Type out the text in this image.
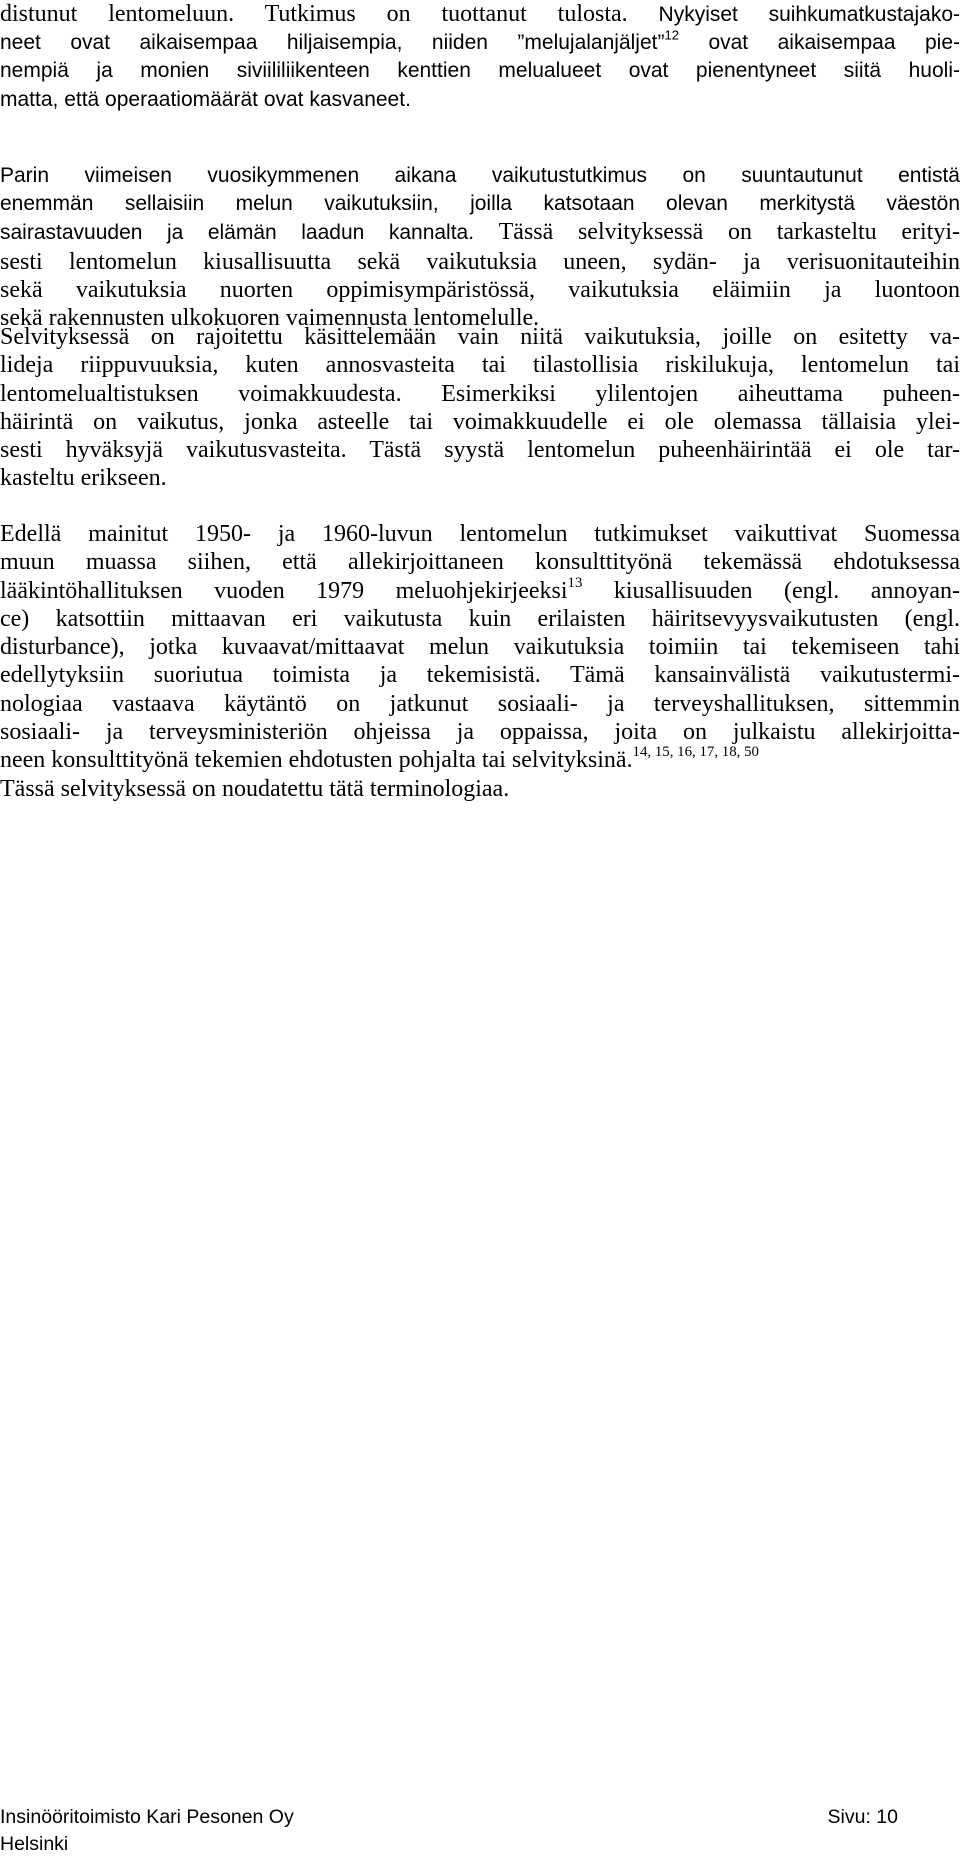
distunut lentomeluun. Tutkimus on tuottanut tulosta. Nykyiset suihkumatkustajako-
neet ovat aikaisempaa hiljaisempia, niiden ”melujalanjäljet”$^{12}$ ovat aikaisempaa pie-
nempiä ja monien siviililiikenteen kenttien melualueet ovat pienentyneet siitä huoli-
matta, että operaatiomäärät ovat kasvaneet.
Parin viimeisen vuosikymmenen aikana vaikutustutkimus on suuntautunut entistä
enemmän sellaisiin melun vaikutuksiin, joilla katsotaan olevan merkitystä väestön
sairastavuuden ja elämän laadun kannalta. Tässä selvityksessä on tarkasteltu erityi-
sesti lentomelun kiusallisuutta sekä vaikutuksia uneen, sydän- ja verisuonitauteihin
sekä vaikutuksia nuorten oppimisympäristössä, vaikutuksia eläimiin ja luontoon
sekä rakennusten ulkokuoren vaimennusta lentomelulle.
Selvityksessä on rajoitettu käsittelemään vain niitä vaikutuksia, joille on esitetty va-
lideja riippuvuuksia, kuten annosvasteita tai tilastollisia riskilukuja, lentomelun tai
lentomelualtistuksen voimakkuudesta. Esimerkiksi ylilentojen aiheuttama puheen-
häirintä on vaikutus, jonka asteelle tai voimakkuudelle ei ole olemassa tällaisia ylei-
sesti hyväksyjä vaikutusvasteita. Tästä syystä lentomelun puheenhäirintää ei ole tar-
kasteltu erikseen.
Edellä mainitut 1950- ja 1960-luvun lentomelun tutkimukset vaikuttivat Suomessa
muun muassa siihen, että allekirjoittaneen konsulttityönä tekemässä ehdotuksessa
lääkintöhallituksen vuoden 1979 meluohjekirjeeksi$^{13}$ kiusallisuuden (engl. annoyan-
ce) katsottiin mittaavan eri vaikutusta kuin erilaisten häiritsevyysvaikutusten (engl.
disturbance), jotka kuvaavat/mittaavat melun vaikutuksia toimiin tai tekemiseen tahi
edellytyksiin suoriutua toimista ja tekemisistä. Tämä kansainvälistä vaikutustermi-
nologiaa vastaava käytäntö on jatkunut sosiaali- ja terveyshallituksen, sittemmin
sosiaali- ja terveysministeriön ohjeissa ja oppaissa, joita on julkaistu allekirjoitta-
neen konsulttityönä tekemien ehdotusten pohjalta tai selvityksinä.$^{14, 15, 16, 17, 18, 50}$
Tässä selvityksessä on noudatettu tätä terminologiaa.
Insinööritoimisto Kari Pesonen Oy	Sivu: 10
Helsinki
